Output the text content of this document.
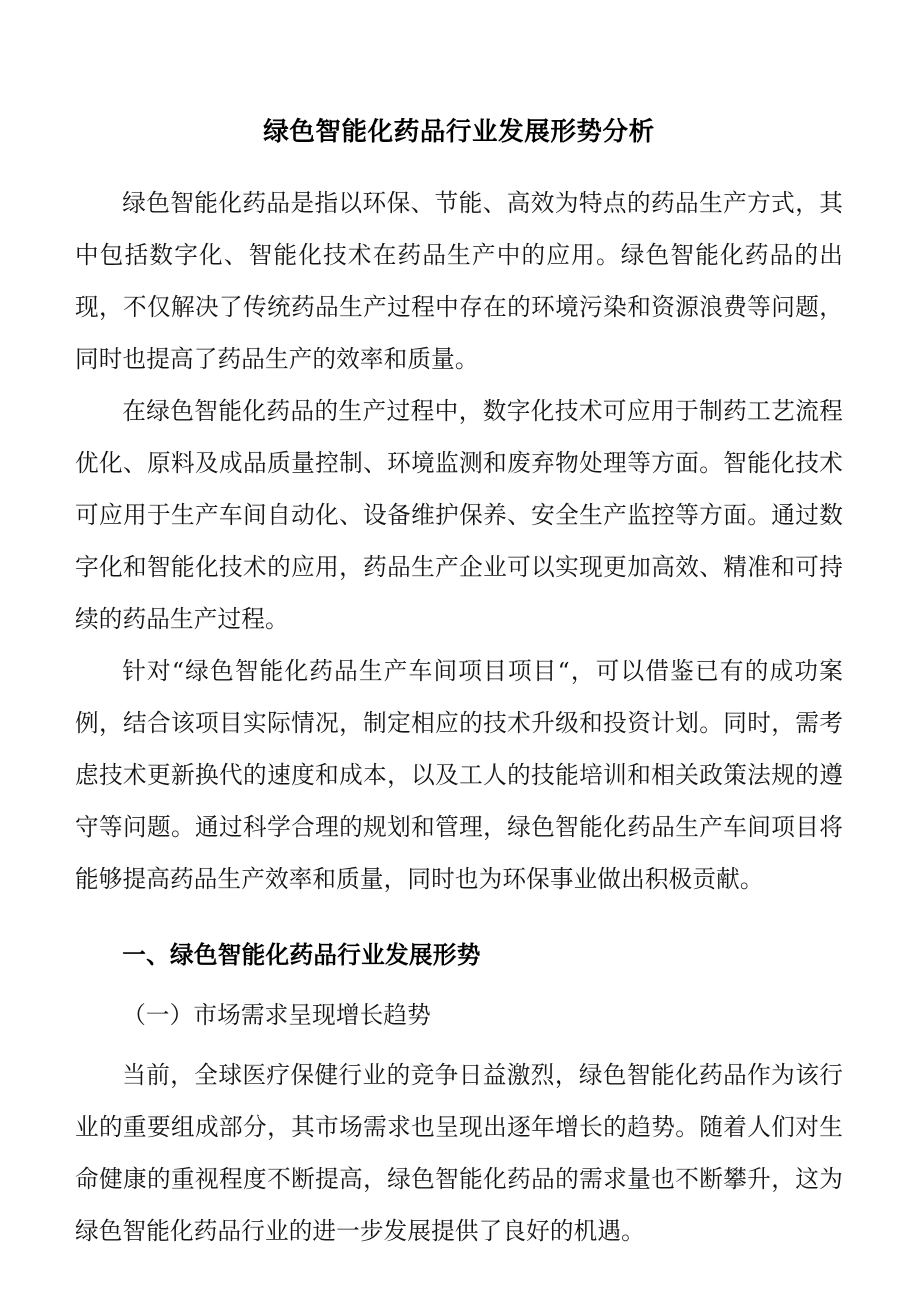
绿色智能化药品行业发展形势分析

绿色智能化药品是指以环保、节能、高效为特点的药品生产方式，其中包括数字化、智能化技术在药品生产中的应用。绿色智能化药品的出现，不仅解决了传统药品生产过程中存在的环境污染和资源浪费等问题，同时也提高了药品生产的效率和质量。

在绿色智能化药品的生产过程中，数字化技术可应用于制药工艺流程优化、原料及成品质量控制、环境监测和废弃物处理等方面。智能化技术可应用于生产车间自动化、设备维护保养、安全生产监控等方面。通过数字化和智能化技术的应用，药品生产企业可以实现更加高效、精准和可持续的药品生产过程。

针对“绿色智能化药品生产车间项目项目“，可以借鉴已有的成功案例，结合该项目实际情况，制定相应的技术升级和投资计划。同时，需考虑技术更新换代的速度和成本，以及工人的技能培训和相关政策法规的遵守等问题。通过科学合理的规划和管理，绿色智能化药品生产车间项目将能够提高药品生产效率和质量，同时也为环保事业做出积极贡献。

一、绿色智能化药品行业发展形势
（一）市场需求呈现增长趋势

当前，全球医疗保健行业的竞争日益激烈，绿色智能化药品作为该行业的重要组成部分，其市场需求也呈现出逐年增长的趋势。随着人们对生命健康的重视程度不断提高，绿色智能化药品的需求量也不断攀升，这为绿色智能化药品行业的进一步发展提供了良好的机遇。
